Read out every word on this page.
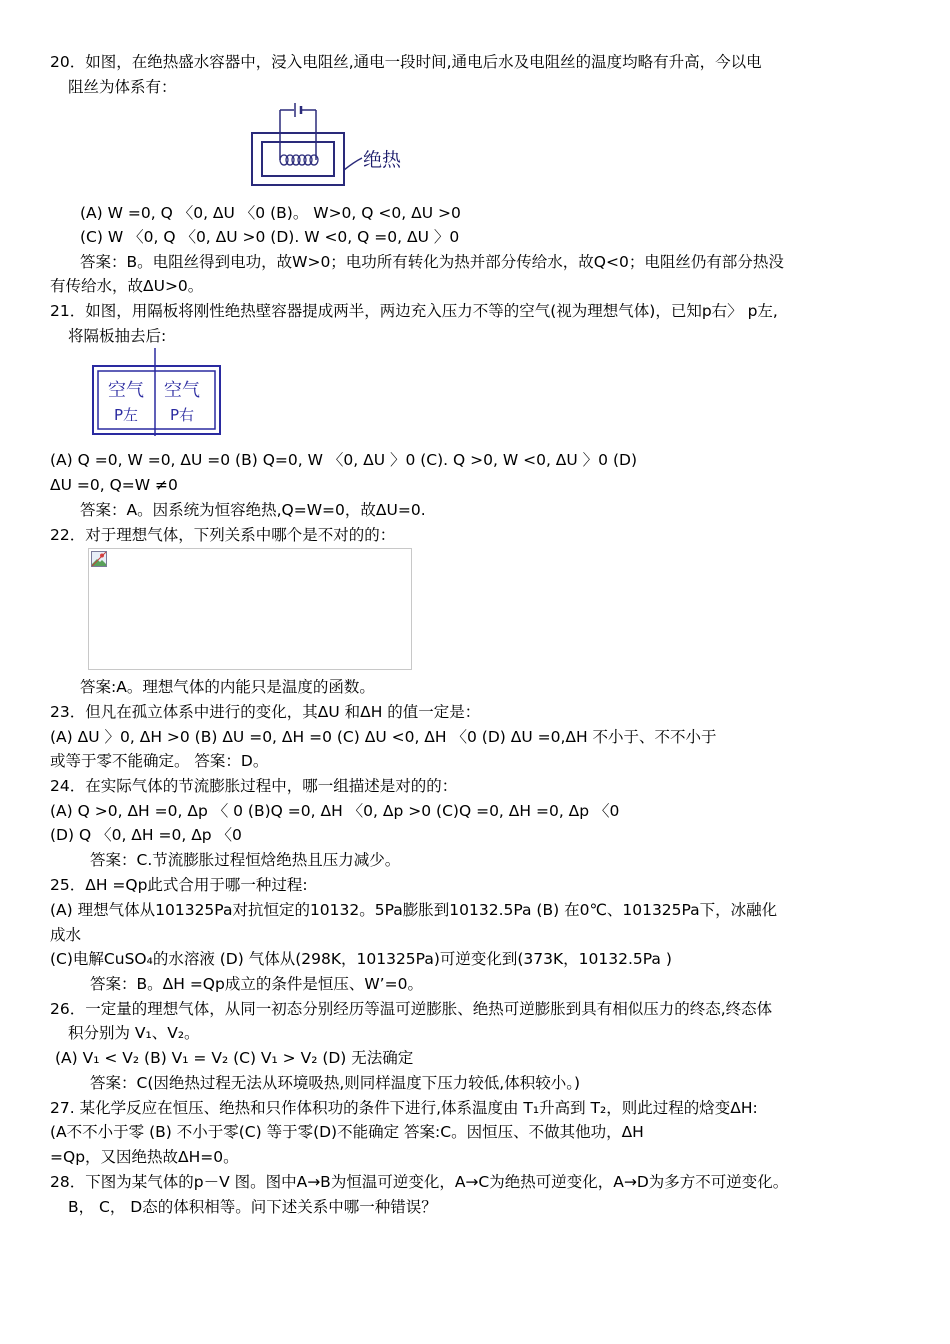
20．如图，在绝热盛水容器中，浸入电阻丝,通电一段时间,通电后水及电阻丝的温度均略有升高，今以电
阻丝为体系有：
绝热
(A) W =0, Q 〈0, ΔU 〈0 (B)。 W>0, Q <0, ΔU >0
(C) W 〈0, Q 〈0, ΔU >0 (D). W <0, Q =0, ΔU 〉0
答案：B。电阻丝得到电功，故W>0；电功所有转化为热并部分传给水，故Q<0；电阻丝仍有部分热没
有传给水，故ΔU>0。
21．如图，用隔板将刚性绝热壁容器提成两半，两边充入压力不等的空气(视为理想气体)，已知p右〉 p左,
将隔板抽去后:
空气
P左
空气
P右
(A) Q =0, W =0, ΔU =0 (B) Q=0, W 〈0, ΔU 〉0 (C). Q >0, W <0, ΔU 〉0 (D)
ΔU =0, Q=W ≠0
答案：A。因系统为恒容绝热,Q=W=0，故ΔU=0.
22．对于理想气体，下列关系中哪个是不对的的：
答案:A。理想气体的内能只是温度的函数。
23．但凡在孤立体系中进行的变化，其ΔU 和ΔH 的值一定是：
(A) ΔU 〉0, ΔH >0 (B) ΔU =0, ΔH =0 (C) ΔU <0, ΔH 〈0 (D) ΔU =0,ΔH 不小于、不不小于
或等于零不能确定。 答案：D。
24．在实际气体的节流膨胀过程中，哪一组描述是对的的：
(A) Q >0, ΔH =0, Δp 〈 0 (B)Q =0, ΔH 〈0, Δp >0 (C)Q =0, ΔH =0, Δp 〈0
(D) Q 〈0, ΔH =0, Δp 〈0
答案：C.节流膨胀过程恒焓绝热且压力减少。
25．ΔH =Qp此式合用于哪一种过程:
(A) 理想气体从101325Pa对抗恒定的10132。5Pa膨胀到10132.5Pa (B) 在0℃、101325Pa下，冰融化
成水
(C)电解CuSO₄的水溶液 (D) 气体从(298K，101325Pa)可逆变化到(373K，10132.5Pa )
答案：B。ΔH =Qp成立的条件是恒压、W’=0。
26．一定量的理想气体，从同一初态分别经历等温可逆膨胀、绝热可逆膨胀到具有相似压力的终态,终态体
积分别为 V₁、V₂。
(A) V₁ < V₂ (B) V₁ = V₂ (C) V₁ > V₂ (D) 无法确定
答案：C(因绝热过程无法从环境吸热,则同样温度下压力较低,体积较小。)
27. 某化学反应在恒压、绝热和只作体积功的条件下进行,体系温度由 T₁升高到 T₂，则此过程的焓变ΔH:
(A不不小于零 (B) 不小于零(C) 等于零(D)不能确定 答案:C。因恒压、不做其他功，ΔH
=Qp，又因绝热故ΔH=0。
28．下图为某气体的p－V 图。图中A→B为恒温可逆变化，A→C为绝热可逆变化，A→D为多方不可逆变化。
B， C， D态的体积相等。问下述关系中哪一种错误？
